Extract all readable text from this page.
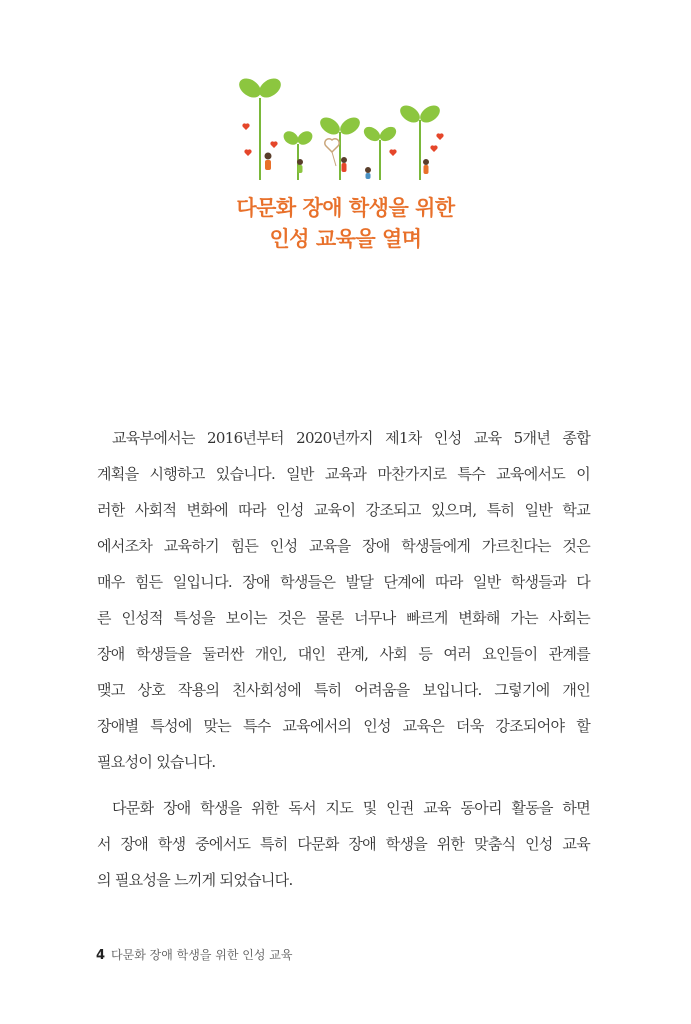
다문화 장애 학생을 위한
인성 교육을 열며
교육부에서는 2016년부터 2020년까지 제1차 인성 교육 5개년 종합
계획을 시행하고 있습니다. 일반 교육과 마찬가지로 특수 교육에서도 이
러한 사회적 변화에 따라 인성 교육이 강조되고 있으며, 특히 일반 학교
에서조차 교육하기 힘든 인성 교육을 장애 학생들에게 가르친다는 것은
매우 힘든 일입니다. 장애 학생들은 발달 단계에 따라 일반 학생들과 다
른 인성적 특성을 보이는 것은 물론 너무나 빠르게 변화해 가는 사회는
장애 학생들을 둘러싼 개인, 대인 관계, 사회 등 여러 요인들이 관계를
맺고 상호 작용의 친사회성에 특히 어려움을 보입니다. 그렇기에 개인
장애별 특성에 맞는 특수 교육에서의 인성 교육은 더욱 강조되어야 할
필요성이 있습니다.
다문화 장애 학생을 위한 독서 지도 및 인권 교육 동아리 활동을 하면
서 장애 학생 중에서도 특히 다문화 장애 학생을 위한 맞춤식 인성 교육
의 필요성을 느끼게 되었습니다.
4 다문화 장애 학생을 위한 인성 교육
